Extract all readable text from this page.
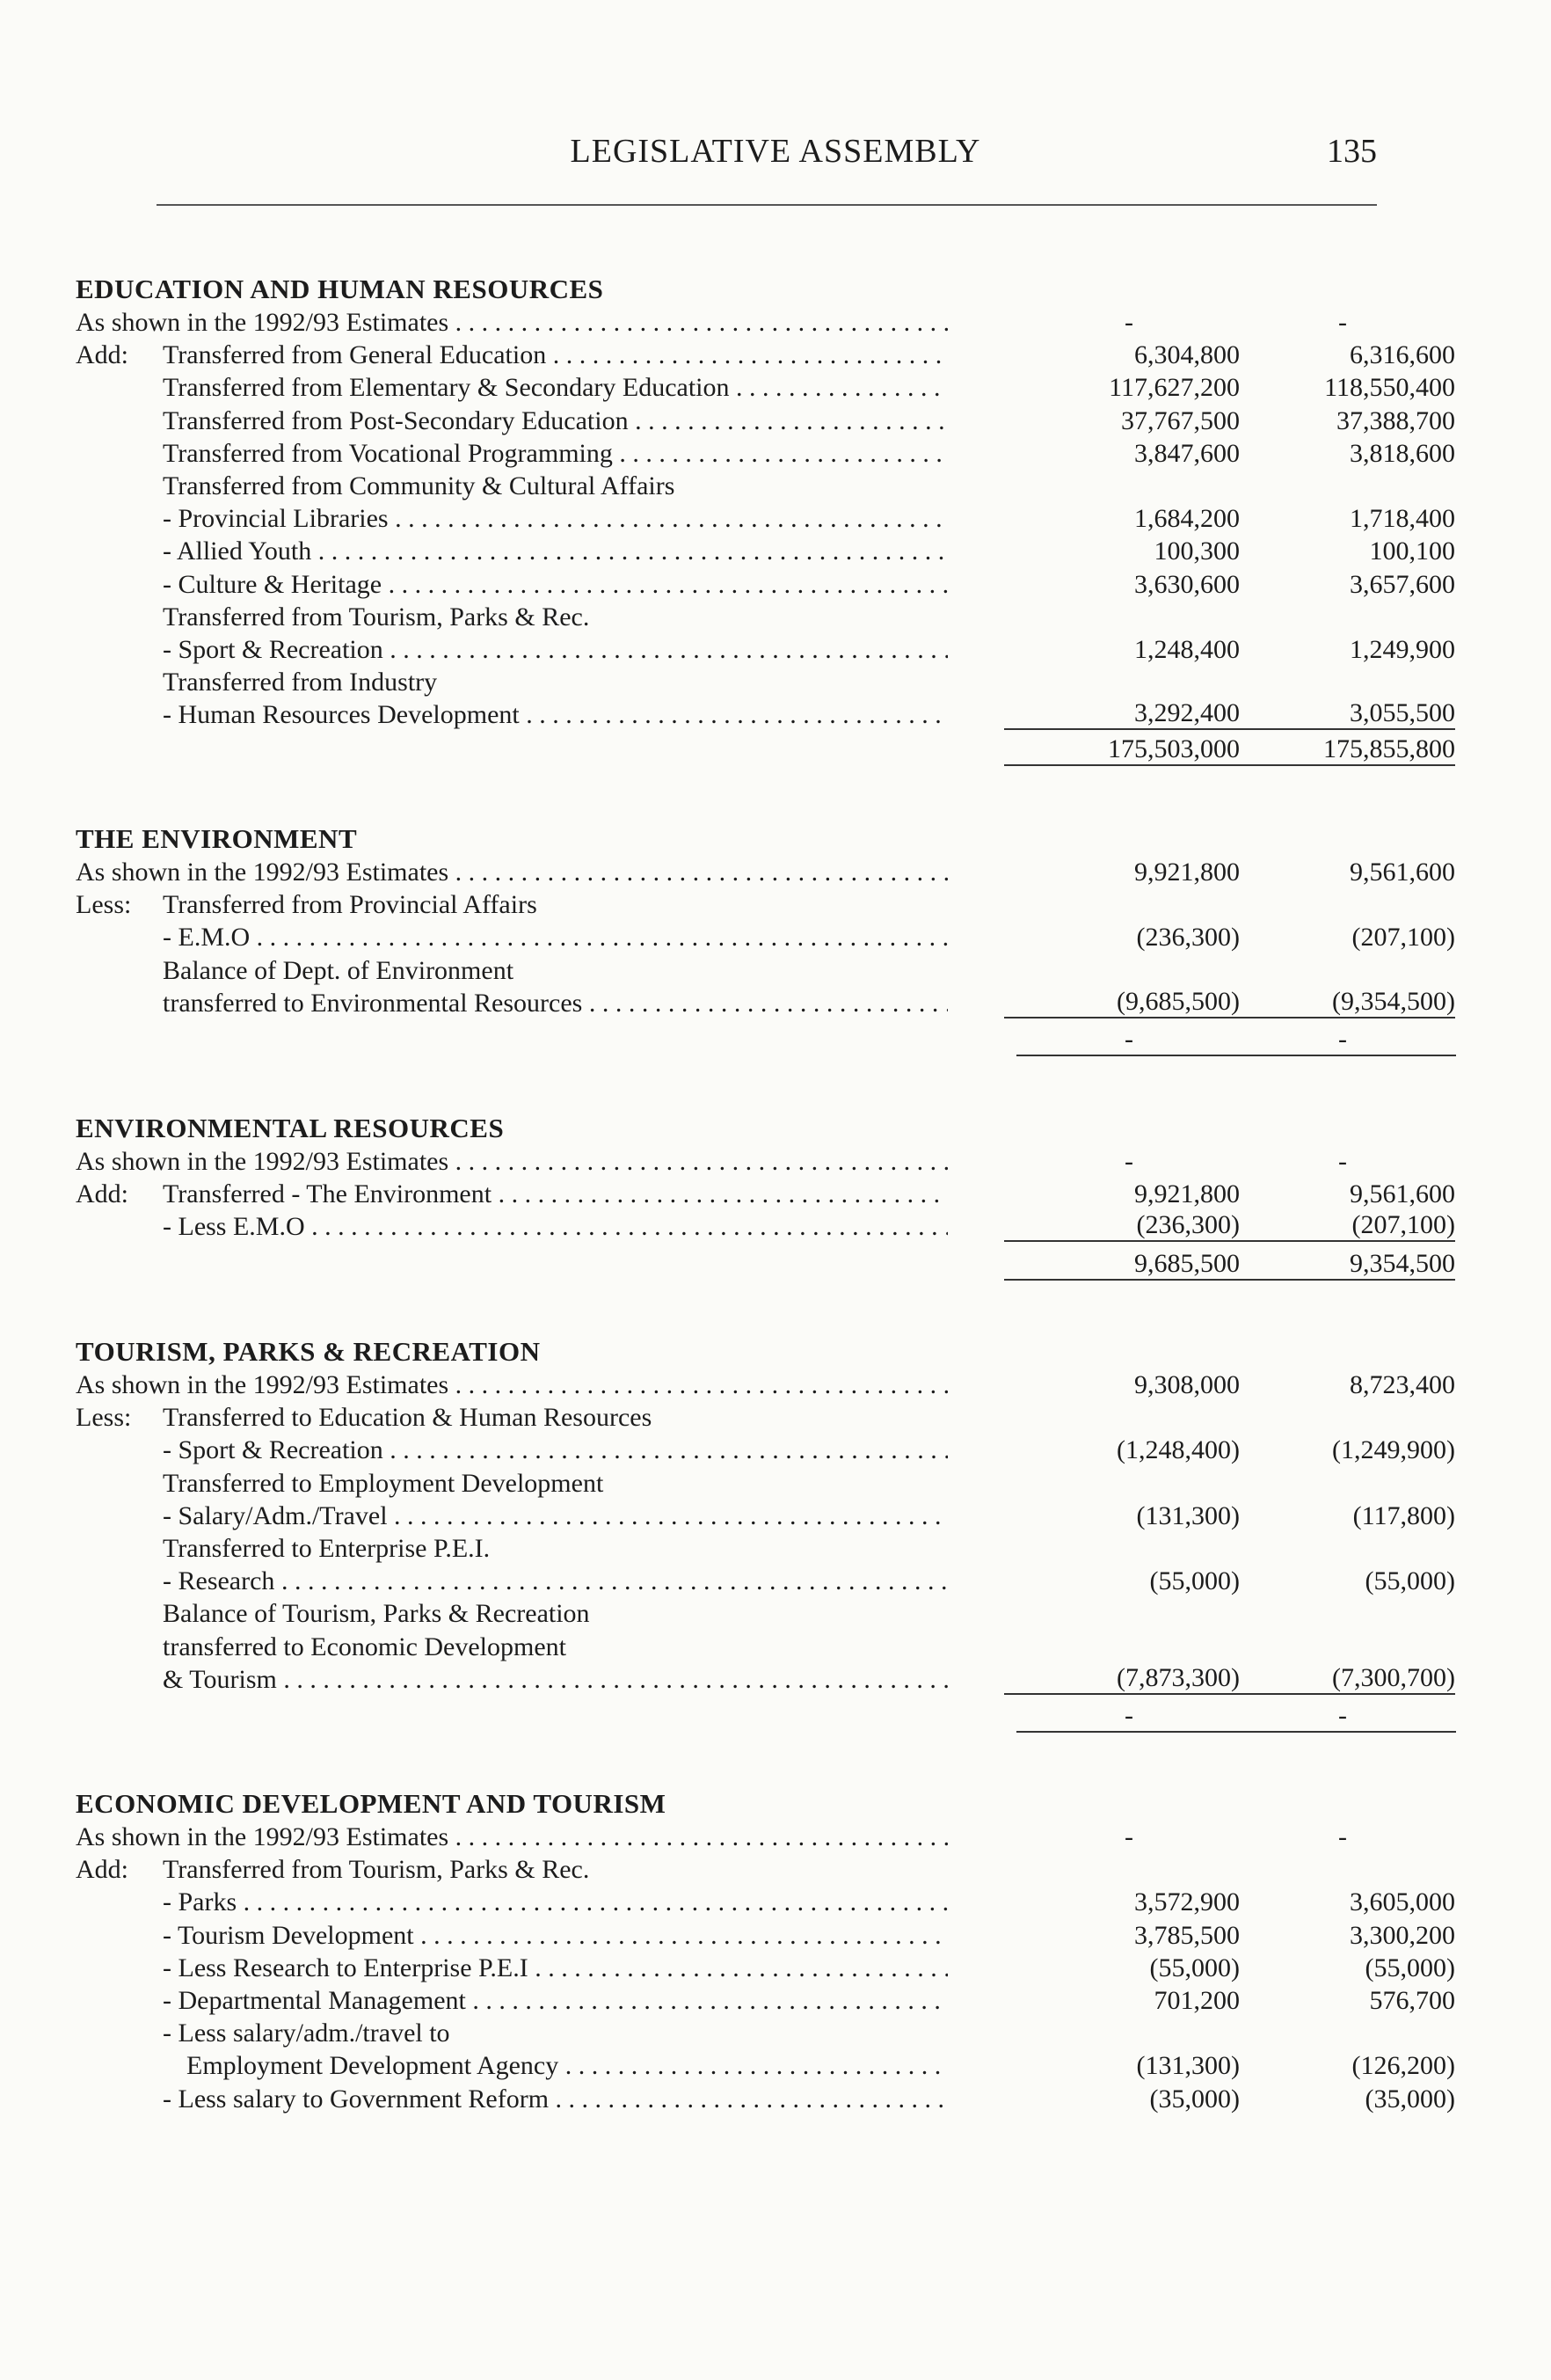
LEGISLATIVE ASSEMBLY	135
EDUCATION AND HUMAN RESOURCES
As shown in the 1992/93 Estimates . . .	-	-
Add: Transferred from General Education . . .	6,304,800	6,316,600
Transferred from Elementary & Secondary Education . . .	117,627,200	118,550,400
Transferred from Post-Secondary Education . . .	37,767,500	37,388,700
Transferred from Vocational Programming . . .	3,847,600	3,818,600
Transferred from Community & Cultural Affairs
- Provincial Libraries . . .	1,684,200	1,718,400
- Allied Youth . . .	100,300	100,100
- Culture & Heritage . . .	3,630,600	3,657,600
Transferred from Tourism, Parks & Rec.
- Sport & Recreation . . .	1,248,400	1,249,900
Transferred from Industry
- Human Resources Development . . .	3,292,400	3,055,500
175,503,000	175,855,800
THE ENVIRONMENT
As shown in the 1992/93 Estimates . . .	9,921,800	9,561,600
Less: Transferred from Provincial Affairs
- E.M.O . . .	(236,300)	(207,100)
Balance of Dept. of Environment
transferred to Environmental Resources . . .	(9,685,500)	(9,354,500)
-	-
ENVIRONMENTAL RESOURCES
As shown in the 1992/93 Estimates . . .	-	-
Add: Transferred - The Environment . . .	9,921,800	9,561,600
- Less E.M.O . . .	(236,300)	(207,100)
9,685,500	9,354,500
TOURISM, PARKS & RECREATION
As shown in the 1992/93 Estimates . . .	9,308,000	8,723,400
Less: Transferred to Education & Human Resources
- Sport & Recreation . . .	(1,248,400)	(1,249,900)
Transferred to Employment Development
- Salary/Adm./Travel . . .	(131,300)	(117,800)
Transferred to Enterprise P.E.I.
- Research . . .	(55,000)	(55,000)
Balance of Tourism, Parks & Recreation
transferred to Economic Development
& Tourism . . .	(7,873,300)	(7,300,700)
-	-
ECONOMIC DEVELOPMENT AND TOURISM
As shown in the 1992/93 Estimates . . .	-	-
Add: Transferred from Tourism, Parks & Rec.
- Parks . . .	3,572,900	3,605,000
- Tourism Development . . .	3,785,500	3,300,200
- Less Research to Enterprise P.E.I . . .	(55,000)	(55,000)
- Departmental Management . . .	701,200	576,700
- Less salary/adm./travel to
Employment Development Agency . . .	(131,300)	(126,200)
- Less salary to Government Reform . . .	(35,000)	(35,000)
